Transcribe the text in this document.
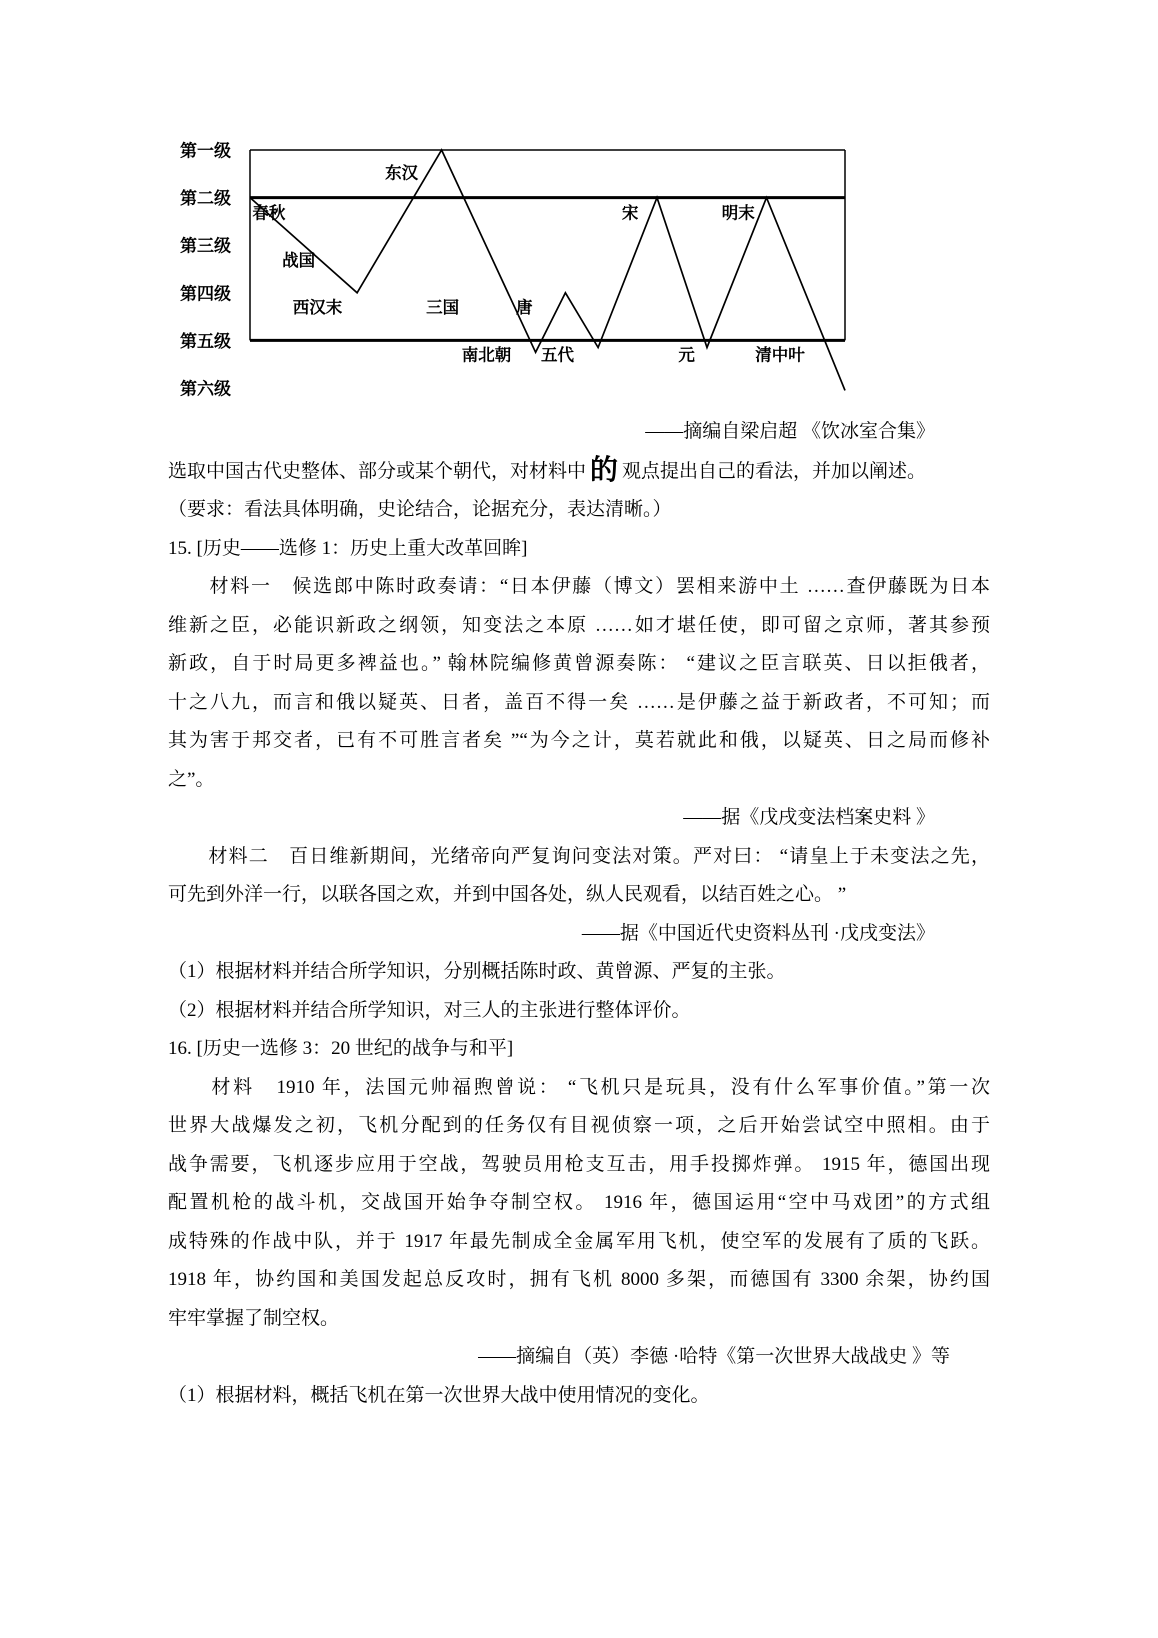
第一级
第二级
第三级
第四级
第五级
第六级
东汉
春秋	宋	明末
战国
西汉末	三国	唐
南北朝 五代	元	清中叶

——摘编自梁启超 《饮冰室合集》

选取中国古代史整体、部分或某个朝代，对材料中 的 观点提出自己的看法，并加以阐述。

（要求：看法具体明确，史论结合，论据充分，表达清晰。）

15. [历史——选修 1：历史上重大改革回眸]

　　材料一　候选郎中陈时政奏请：“日本伊藤（博文）罢相来游中土 ……查伊藤既为日本

维新之臣，必能识新政之纲领，知变法之本原 ……如才堪任使，即可留之京师，著其参预

新政，自于时局更多裨益也。” 翰林院编修黄曾源奏陈： “建议之臣言联英、日以拒俄者，

十之八九，而言和俄以疑英、日者，盖百不得一矣 ……是伊藤之益于新政者，不可知；而

其为害于邦交者，已有不可胜言者矣 ”“为今之计，莫若就此和俄，以疑英、日之局而修补

之”。

——据《戊戌变法档案史料 》

　　材料二　百日维新期间，光绪帝向严复询问变法对策。严对曰： “请皇上于未变法之先，

可先到外洋一行，以联各国之欢，并到中国各处，纵人民观看，以结百姓之心。 ”

——据《中国近代史资料丛刊 ·戊戌变法》

（1）根据材料并结合所学知识，分别概括陈时政、黄曾源、严复的主张。

（2）根据材料并结合所学知识，对三人的主张进行整体评价。

16. [历史一选修 3：20 世纪的战争与和平]

　　材料　1910 年，法国元帅福煦曾说： “飞机只是玩具，没有什么军事价值。”第一次

世界大战爆发之初，飞机分配到的任务仅有目视侦察一项，之后开始尝试空中照相。由于

战争需要，飞机逐步应用于空战，驾驶员用枪支互击，用手投掷炸弹。 1915 年，德国出现

配置机枪的战斗机，交战国开始争夺制空权。 1916 年，德国运用“空中马戏团”的方式组

成特殊的作战中队，并于 1917 年最先制成全金属军用飞机，使空军的发展有了质的飞跃。

1918 年，协约国和美国发起总反攻时，拥有飞机 8000 多架，而德国有 3300 余架，协约国

牢牢掌握了制空权。

——摘编自（英）李德 ·哈特《第一次世界大战战史 》等

（1）根据材料，概括飞机在第一次世界大战中使用情况的变化。
